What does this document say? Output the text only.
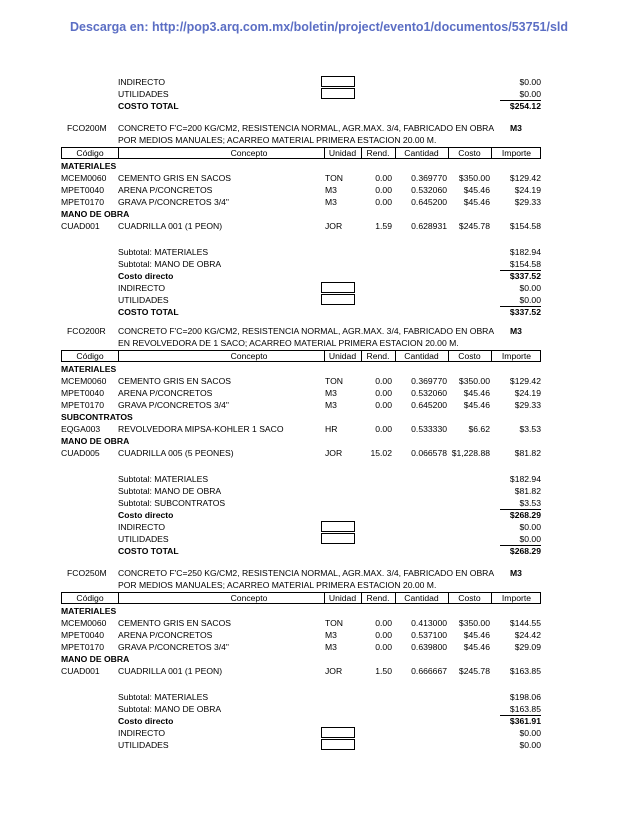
Descarga en: http://pop3.arq.com.mx/boletin/project/evento1/documentos/53751/sld
INDIRECTO	$0.00
UTILIDADES	$0.00
COSTO TOTAL	$254.12
FCO200M CONCRETO F'C=200 KG/CM2, RESISTENCIA NORMAL, AGR.MAX. 3/4, FABRICADO EN OBRA M3
POR MEDIOS MANUALES; ACARREO MATERIAL PRIMERA ESTACION 20.00 M.
Código	Concepto	Unidad	Rend.	Cantidad	Costo	Importe
MATERIALES
MCEM0060 CEMENTO GRIS EN SACOS	TON	0.00	0.369770	$350.00	$129.42
MPET0040 ARENA P/CONCRETOS	M3	0.00	0.532060	$45.46	$24.19
MPET0170 GRAVA P/CONCRETOS 3/4"	M3	0.00	0.645200	$45.46	$29.33
MANO DE OBRA
CUAD001 CUADRILLA 001 (1 PEON)	JOR	1.59	0.628931	$245.78	$154.58
Subtotal: MATERIALES	$182.94
Subtotal: MANO DE OBRA	$154.58
Costo directo	$337.52
INDIRECTO	$0.00
UTILIDADES	$0.00
COSTO TOTAL	$337.52
FCO200R CONCRETO F'C=200 KG/CM2, RESISTENCIA NORMAL, AGR.MAX. 3/4, FABRICADO EN OBRA M3
EN REVOLVEDORA DE 1 SACO; ACARREO MATERIAL PRIMERA ESTACION 20.00 M.
Código	Concepto	Unidad	Rend.	Cantidad	Costo	Importe
MATERIALES
MCEM0060 CEMENTO GRIS EN SACOS	TON	0.00	0.369770	$350.00	$129.42
MPET0040 ARENA P/CONCRETOS	M3	0.00	0.532060	$45.46	$24.19
MPET0170 GRAVA P/CONCRETOS 3/4"	M3	0.00	0.645200	$45.46	$29.33
SUBCONTRATOS
EQGA003 REVOLVEDORA MIPSA-KOHLER 1 SACO	HR	0.00	0.533330	$6.62	$3.53
MANO DE OBRA
CUAD005 CUADRILLA 005 (5 PEONES)	JOR	15.02	0.066578 $1,228.88	$81.82
Subtotal: MATERIALES	$182.94
Subtotal: MANO DE OBRA	$81.82
Subtotal: SUBCONTRATOS	$3.53
Costo directo	$268.29
INDIRECTO	$0.00
UTILIDADES	$0.00
COSTO TOTAL	$268.29
FCO250M CONCRETO F'C=250 KG/CM2, RESISTENCIA NORMAL, AGR.MAX. 3/4, FABRICADO EN OBRA M3
POR MEDIOS MANUALES; ACARREO MATERIAL PRIMERA ESTACION 20.00 M.
Código	Concepto	Unidad	Rend.	Cantidad	Costo	Importe
MATERIALES
MCEM0060 CEMENTO GRIS EN SACOS	TON	0.00	0.413000	$350.00	$144.55
MPET0040 ARENA P/CONCRETOS	M3	0.00	0.537100	$45.46	$24.42
MPET0170 GRAVA P/CONCRETOS 3/4"	M3	0.00	0.639800	$45.46	$29.09
MANO DE OBRA
CUAD001 CUADRILLA 001 (1 PEON)	JOR	1.50	0.666667	$245.78	$163.85
Subtotal: MATERIALES	$198.06
Subtotal: MANO DE OBRA	$163.85
Costo directo	$361.91
INDIRECTO	$0.00
UTILIDADES	$0.00
